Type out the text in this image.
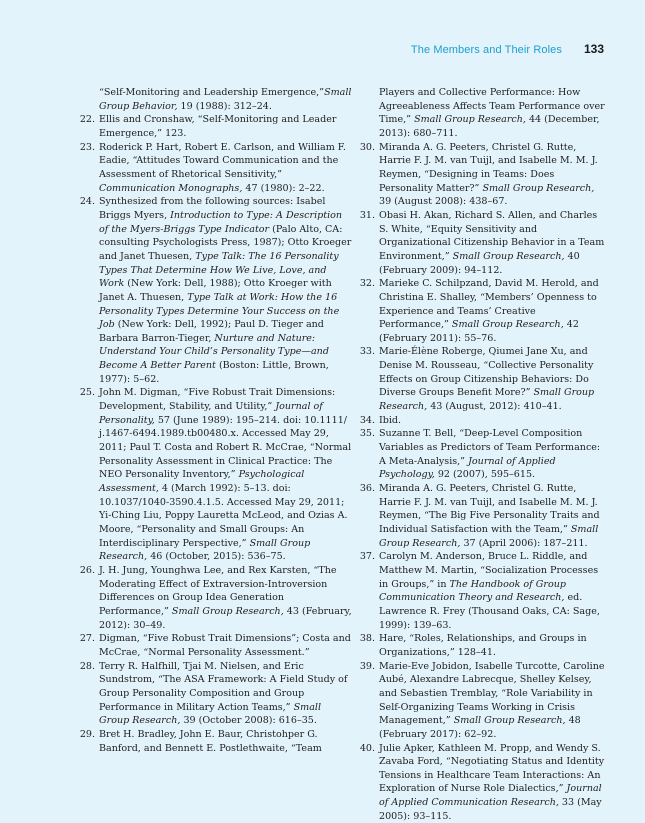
The Members and Their Roles 133
“Self-Monitoring and Leadership Emergence,”Small Group Behavior, 19 (1988): 312–24.
22. Ellis and Cronshaw, “Self-Monitoring and Leader Emergence,” 123.
23. Roderick P. Hart, Robert E. Carlson, and William F. Eadie, “Attitudes Toward Communication and the Assessment of Rhetorical Sensitivity,” Communication Monographs, 47 (1980): 2–22.
24. Synthesized from the following sources: Isabel Briggs Myers, Introduction to Type: A Description of the Myers-Briggs Type Indicator (Palo Alto, CA: consulting Psychologists Press, 1987); Otto Kroeger and Janet Thuesen, Type Talk: The 16 Personality Types That Determine How We Live, Love, and Work (New York: Dell, 1988); Otto Kroeger with Janet A. Thuesen, Type Talk at Work: How the 16 Personality Types Determine Your Success on the Job (New York: Dell, 1992); Paul D. Tieger and Barbara Barron-Tieger, Nurture and Nature: Understand Your Child’s Personality Type—and Become A Better Parent (Boston: Little, Brown, 1977): 5–62.
25. John M. Digman, “Five Robust Trait Dimensions: Development, Stability, and Utility,” Journal of Personality, 57 (June 1989): 195–214. doi: 10.1111/ j.1467-6494.1989.tb00480.x. Accessed May 29, 2011; Paul T. Costa and Robert R. McCrae, “Normal Personality Assessment in Clinical Practice: The NEO Personality Inventory,” Psychological Assessment, 4 (March 1992): 5–13. doi: 10.1037/1040-3590.4.1.5. Accessed May 29, 2011; Yi-Ching Liu, Poppy Lauretta McLeod, and Ozias A. Moore, “Personality and Small Groups: An Interdisciplinary Perspective,” Small Group Research, 46 (October, 2015): 536–75.
26. J. H. Jung, Younghwa Lee, and Rex Karsten, “The Moderating Effect of Extraversion-Introversion Differences on Group Idea Generation Performance,” Small Group Research, 43 (February, 2012): 30–49.
27. Digman, “Five Robust Trait Dimensions”; Costa and McCrae, “Normal Personality Assessment.”
28. Terry R. Halfhill, Tjai M. Nielsen, and Eric Sundstrom, “The ASA Framework: A Field Study of Group Personality Composition and Group Performance in Military Action Teams,” Small Group Research, 39 (October 2008): 616–35.
29. Bret H. Bradley, John E. Baur, Christohper G. Banford, and Bennett E. Postlethwaite, “Team
Players and Collective Performance: How Agreeableness Affects Team Performance over Time,” Small Group Research, 44 (December, 2013): 680–711.
30. Miranda A. G. Peeters, Christel G. Rutte, Harrie F. J. M. van Tuijl, and Isabelle M. M. J. Reymen, “Designing in Teams: Does Personality Matter?” Small Group Research, 39 (August 2008): 438–67.
31. Obasi H. Akan, Richard S. Allen, and Charles S. White, “Equity Sensitivity and Organizational Citizenship Behavior in a Team Environment,” Small Group Research, 40 (February 2009): 94–112.
32. Marieke C. Schilpzand, David M. Herold, and Christina E. Shalley, “Members’ Openness to Experience and Teams’ Creative Performance,” Small Group Research, 42 (February 2011): 55–76.
33. Marie-Élène Roberge, Qiumei Jane Xu, and Denise M. Rousseau, “Collective Personality Effects on Group Citizenship Behaviors: Do Diverse Groups Benefit More?” Small Group Research, 43 (August, 2012): 410–41.
34. Ibid.
35. Suzanne T. Bell, “Deep-Level Composition Variables as Predictors of Team Performance: A Meta-Analysis,” Journal of Applied Psychology, 92 (2007), 595–615.
36. Miranda A. G. Peeters, Christel G. Rutte, Harrie F. J. M. van Tuijl, and Isabelle M. M. J. Reymen, “The Big Five Personality Traits and Individual Satisfaction with the Team,” Small Group Research, 37 (April 2006): 187–211.
37. Carolyn M. Anderson, Bruce L. Riddle, and Matthew M. Martin, “Socialization Processes in Groups,” in The Handbook of Group Communication Theory and Research, ed. Lawrence R. Frey (Thousand Oaks, CA: Sage, 1999): 139–63.
38. Hare, “Roles, Relationships, and Groups in Organizations,” 128–41.
39. Marie-Eve Jobidon, Isabelle Turcotte, Caroline Aubé, Alexandre Labrecque, Shelley Kelsey, and Sebastien Tremblay, “Role Variability in Self-Organizing Teams Working in Crisis Management,” Small Group Research, 48 (February 2017): 62–92.
40. Julie Apker, Kathleen M. Propp, and Wendy S. Zavaba Ford, “Negotiating Status and Identity Tensions in Healthcare Team Interactions: An Exploration of Nurse Role Dialectics,” Journal of Applied Communication Research, 33 (May 2005): 93–115.
